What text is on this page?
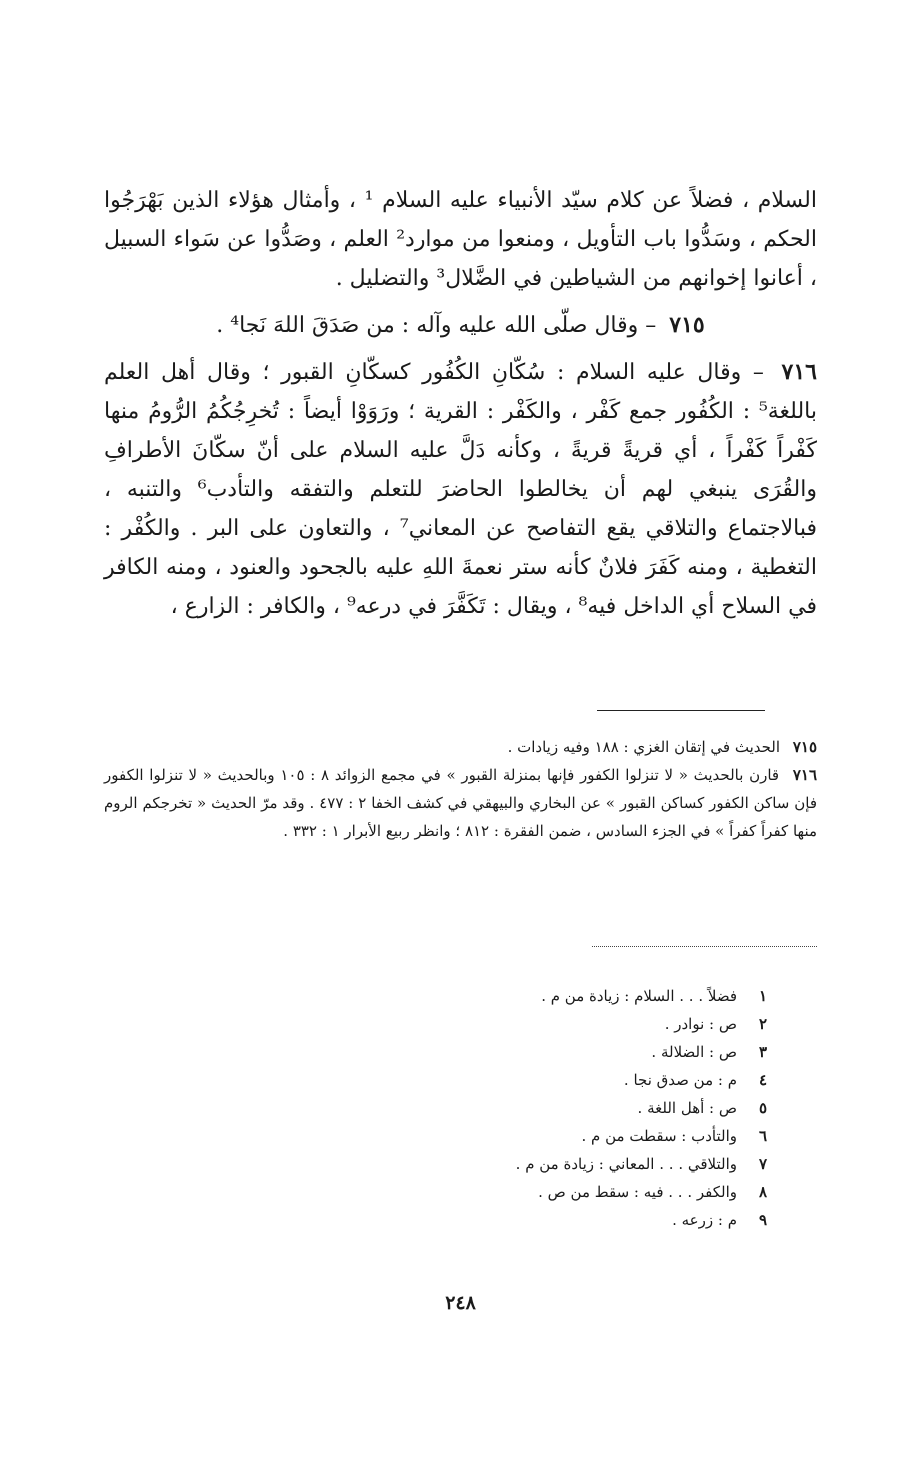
السلام ، فضلاً عن كلام سيّد الأنبياء عليه السلام ¹ ، وأمثال هؤلاء الذين بَهْرَجُوا الحكم ، وسَدُّوا باب التأويل ، ومنعوا من موارد² العلم ، وصَدُّوا عن سَواء السبيل ، أعانوا إخوانهم من الشياطين في الضَّلال³ والتضليل .

٧١٥ – وقال صلّى الله عليه وآله : من صَدَقَ اللهَ نَجا⁴ .

٧١٦ – وقال عليه السلام : سُكّانِ الكُفُور كسكّانِ القبور ؛ وقال أهل العلم باللغة⁵ : الكُفُور جمع كَفْر ، والكَفْر : القرية ؛ ورَوَوْا أيضاً : تُخرِجُكُمُ الرُّومُ منها كَفْراً كَفْراً ، أي قريةً قريةً ، وكأنه دَلَّ عليه السلام على أنّ سكّانَ الأطرافِ والقُرَى ينبغي لهم أن يخالطوا الحاضرَ للتعلم والتفقه والتأدب⁶ والتنبه ، فبالاجتماع والتلاقي يقع التفاصح عن المعاني⁷ ، والتعاون على البر . والكُفْر : التغطية ، ومنه كَفَرَ فلانٌ كأنه ستر نعمةَ اللهِ عليه بالجحود والعنود ، ومنه الكافر في السلاح أي الداخل فيه⁸ ، ويقال : تَكَفَّرَ في درعه⁹ ، والكافر : الزارع ،

٧١٥ الحديث في إتقان الغزي : ١٨٨ وفيه زيادات .

٧١٦ قارن بالحديث « لا تنزلوا الكفور فإنها بمنزلة القبور » في مجمع الزوائد ٨ : ١٠٥ وبالحديث « لا تنزلوا الكفور فإن ساكن الكفور كساكن القبور » عن البخاري والبيهقي في كشف الخفا ٢ : ٤٧٧ . وقد مرّ الحديث « تخرجكم الروم منها كفراً كفراً » في الجزء السادس ، ضمن الفقرة : ٨١٢ ؛ وانظر ربيع الأبرار ١ : ٣٣٢ .

١
فضلاً . . . السلام : زيادة من م .
٢
ص : نوادر .
٣
ص : الضلالة .
٤
م : من صدق نجا .
٥
ص : أهل اللغة .
٦
والتأدب : سقطت من م .
٧
والتلاقي . . . المعاني : زيادة من م .
٨
والكفر . . . فيه : سقط من ص .
٩
م : زرعه .
٢٤٨
